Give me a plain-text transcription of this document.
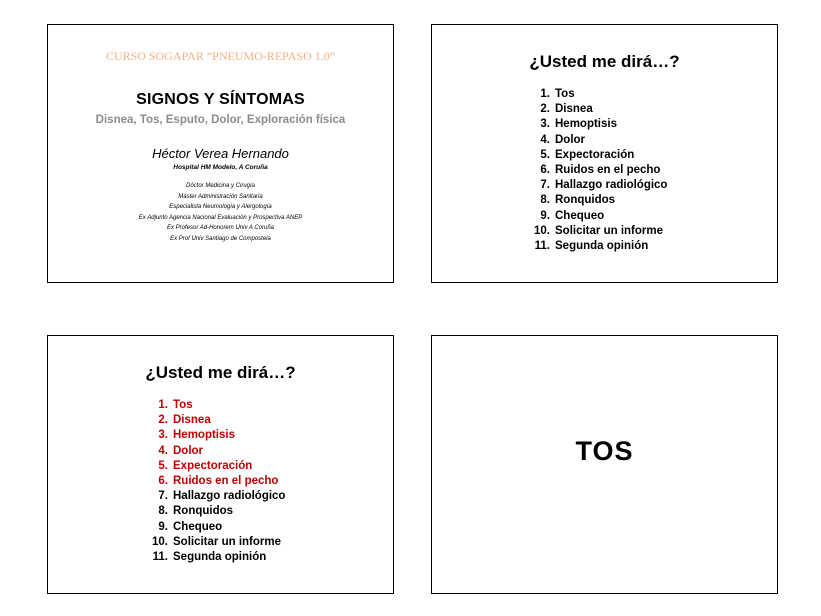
CURSO SOGAPAR “PNEUMO-REPASO 1.0”
SIGNOS Y SÍNTOMAS
Disnea, Tos, Esputo, Dolor, Exploración física
Héctor Verea Hernando
Hospital HM Modelo, A Coruña
Dóctor Medicina y Cirugía
Máster Administración Sanitaria
Especialista Neumología y Alergología
Ex Adjunto Agencia Nacional Evaluación y Prospectiva ANEP
Ex Profesor Ad-Honorem Univ A Coruña
Ex Prof Univ Santiago de Compostela
¿Usted me dirá…?
1. Tos
2. Disnea
3. Hemoptisis
4. Dolor
5. Expectoración
6. Ruidos en el pecho
7. Hallazgo radiológico
8. Ronquidos
9. Chequeo
10. Solicitar un informe
11. Segunda opinión
¿Usted me dirá…?
1. Tos
2. Disnea
3. Hemoptisis
4. Dolor
5. Expectoración
6. Ruidos en el pecho
7. Hallazgo radiológico
8. Ronquidos
9. Chequeo
10. Solicitar un informe
11. Segunda opinión
TOS
